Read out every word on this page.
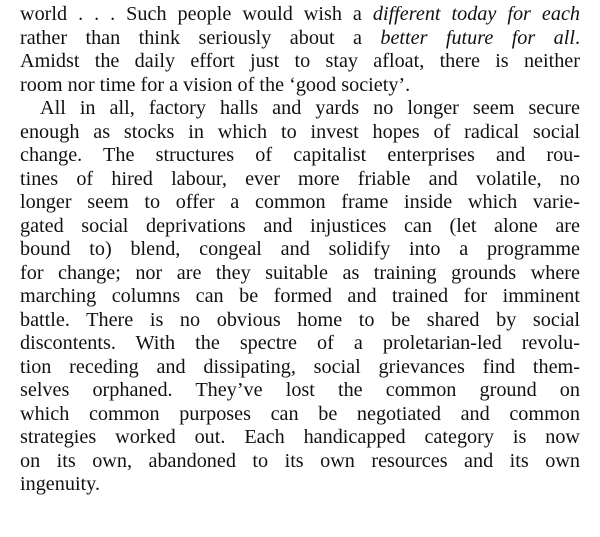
world . . . Such people would wish a different today for each
rather than think seriously about a better future for all.
Amidst the daily effort just to stay afloat, there is neither
room nor time for a vision of the ‘good society’.
All in all, factory halls and yards no longer seem secure
enough as stocks in which to invest hopes of radical social
change. The structures of capitalist enterprises and rou-
tines of hired labour, ever more friable and volatile, no
longer seem to offer a common frame inside which varie-
gated social deprivations and injustices can (let alone are
bound to) blend, congeal and solidify into a programme
for change; nor are they suitable as training grounds where
marching columns can be formed and trained for imminent
battle. There is no obvious home to be shared by social
discontents. With the spectre of a proletarian-led revolu-
tion receding and dissipating, social grievances find them-
selves orphaned. They’ve lost the common ground on
which common purposes can be negotiated and common
strategies worked out. Each handicapped category is now
on its own, abandoned to its own resources and its own
ingenuity.
